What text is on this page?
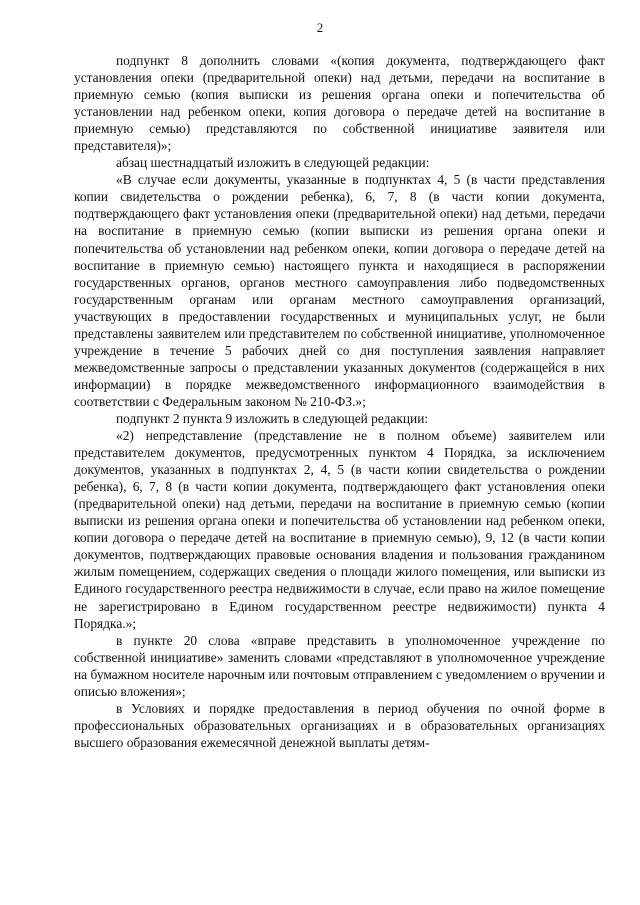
2

подпункт 8 дополнить словами «(копия документа, подтверждающего факт установления опеки (предварительной опеки) над детьми, передачи на воспитание в приемную семью (копия выписки из решения органа опеки и попечительства об установлении над ребенком опеки, копия договора о передаче детей на воспитание в приемную семью) представляются по собственной инициативе заявителя или представителя)»;

абзац шестнадцатый изложить в следующей редакции:

«В случае если документы, указанные в подпунктах 4, 5 (в части представления копии свидетельства о рождении ребенка), 6, 7, 8 (в части копии документа, подтверждающего факт установления опеки (предварительной опеки) над детьми, передачи на воспитание в приемную семью (копии выписки из решения органа опеки и попечительства об установлении над ребенком опеки, копии договора о передаче детей на воспитание в приемную семью) настоящего пункта и находящиеся в распоряжении государственных органов, органов местного самоуправления либо подведомственных государственным органам или органам местного самоуправления организаций, участвующих в предоставлении государственных и муниципальных услуг, не были представлены заявителем или представителем по собственной инициативе, уполномоченное учреждение в течение 5 рабочих дней со дня поступления заявления направляет межведомственные запросы о представлении указанных документов (содержащейся в них информации) в порядке межведомственного информационного взаимодействия в соответствии с Федеральным законом № 210-ФЗ.»;

подпункт 2 пункта 9 изложить в следующей редакции:

«2) непредставление (представление не в полном объеме) заявителем или представителем документов, предусмотренных пунктом 4 Порядка, за исключением документов, указанных в подпунктах 2, 4, 5 (в части копии свидетельства о рождении ребенка), 6, 7, 8 (в части копии документа, подтверждающего факт установления опеки (предварительной опеки) над детьми, передачи на воспитание в приемную семью (копии выписки из решения органа опеки и попечительства об установлении над ребенком опеки, копии договора о передаче детей на воспитание в приемную семью), 9, 12 (в части копии документов, подтверждающих правовые основания владения и пользования гражданином жилым помещением, содержащих сведения о площади жилого помещения, или выписки из Единого государственного реестра недвижимости в случае, если право на жилое помещение не зарегистрировано в Едином государственном реестре недвижимости) пункта 4 Порядка.»;

в пункте 20 слова «вправе представить в уполномоченное учреждение по собственной инициативе» заменить словами «представляют в уполномоченное учреждение на бумажном носителе нарочным или почтовым отправлением с уведомлением о вручении и описью вложения»;

в Условиях и порядке предоставления в период обучения по очной форме в профессиональных образовательных организациях и в образовательных организациях высшего образования ежемесячной денежной выплаты детям-
